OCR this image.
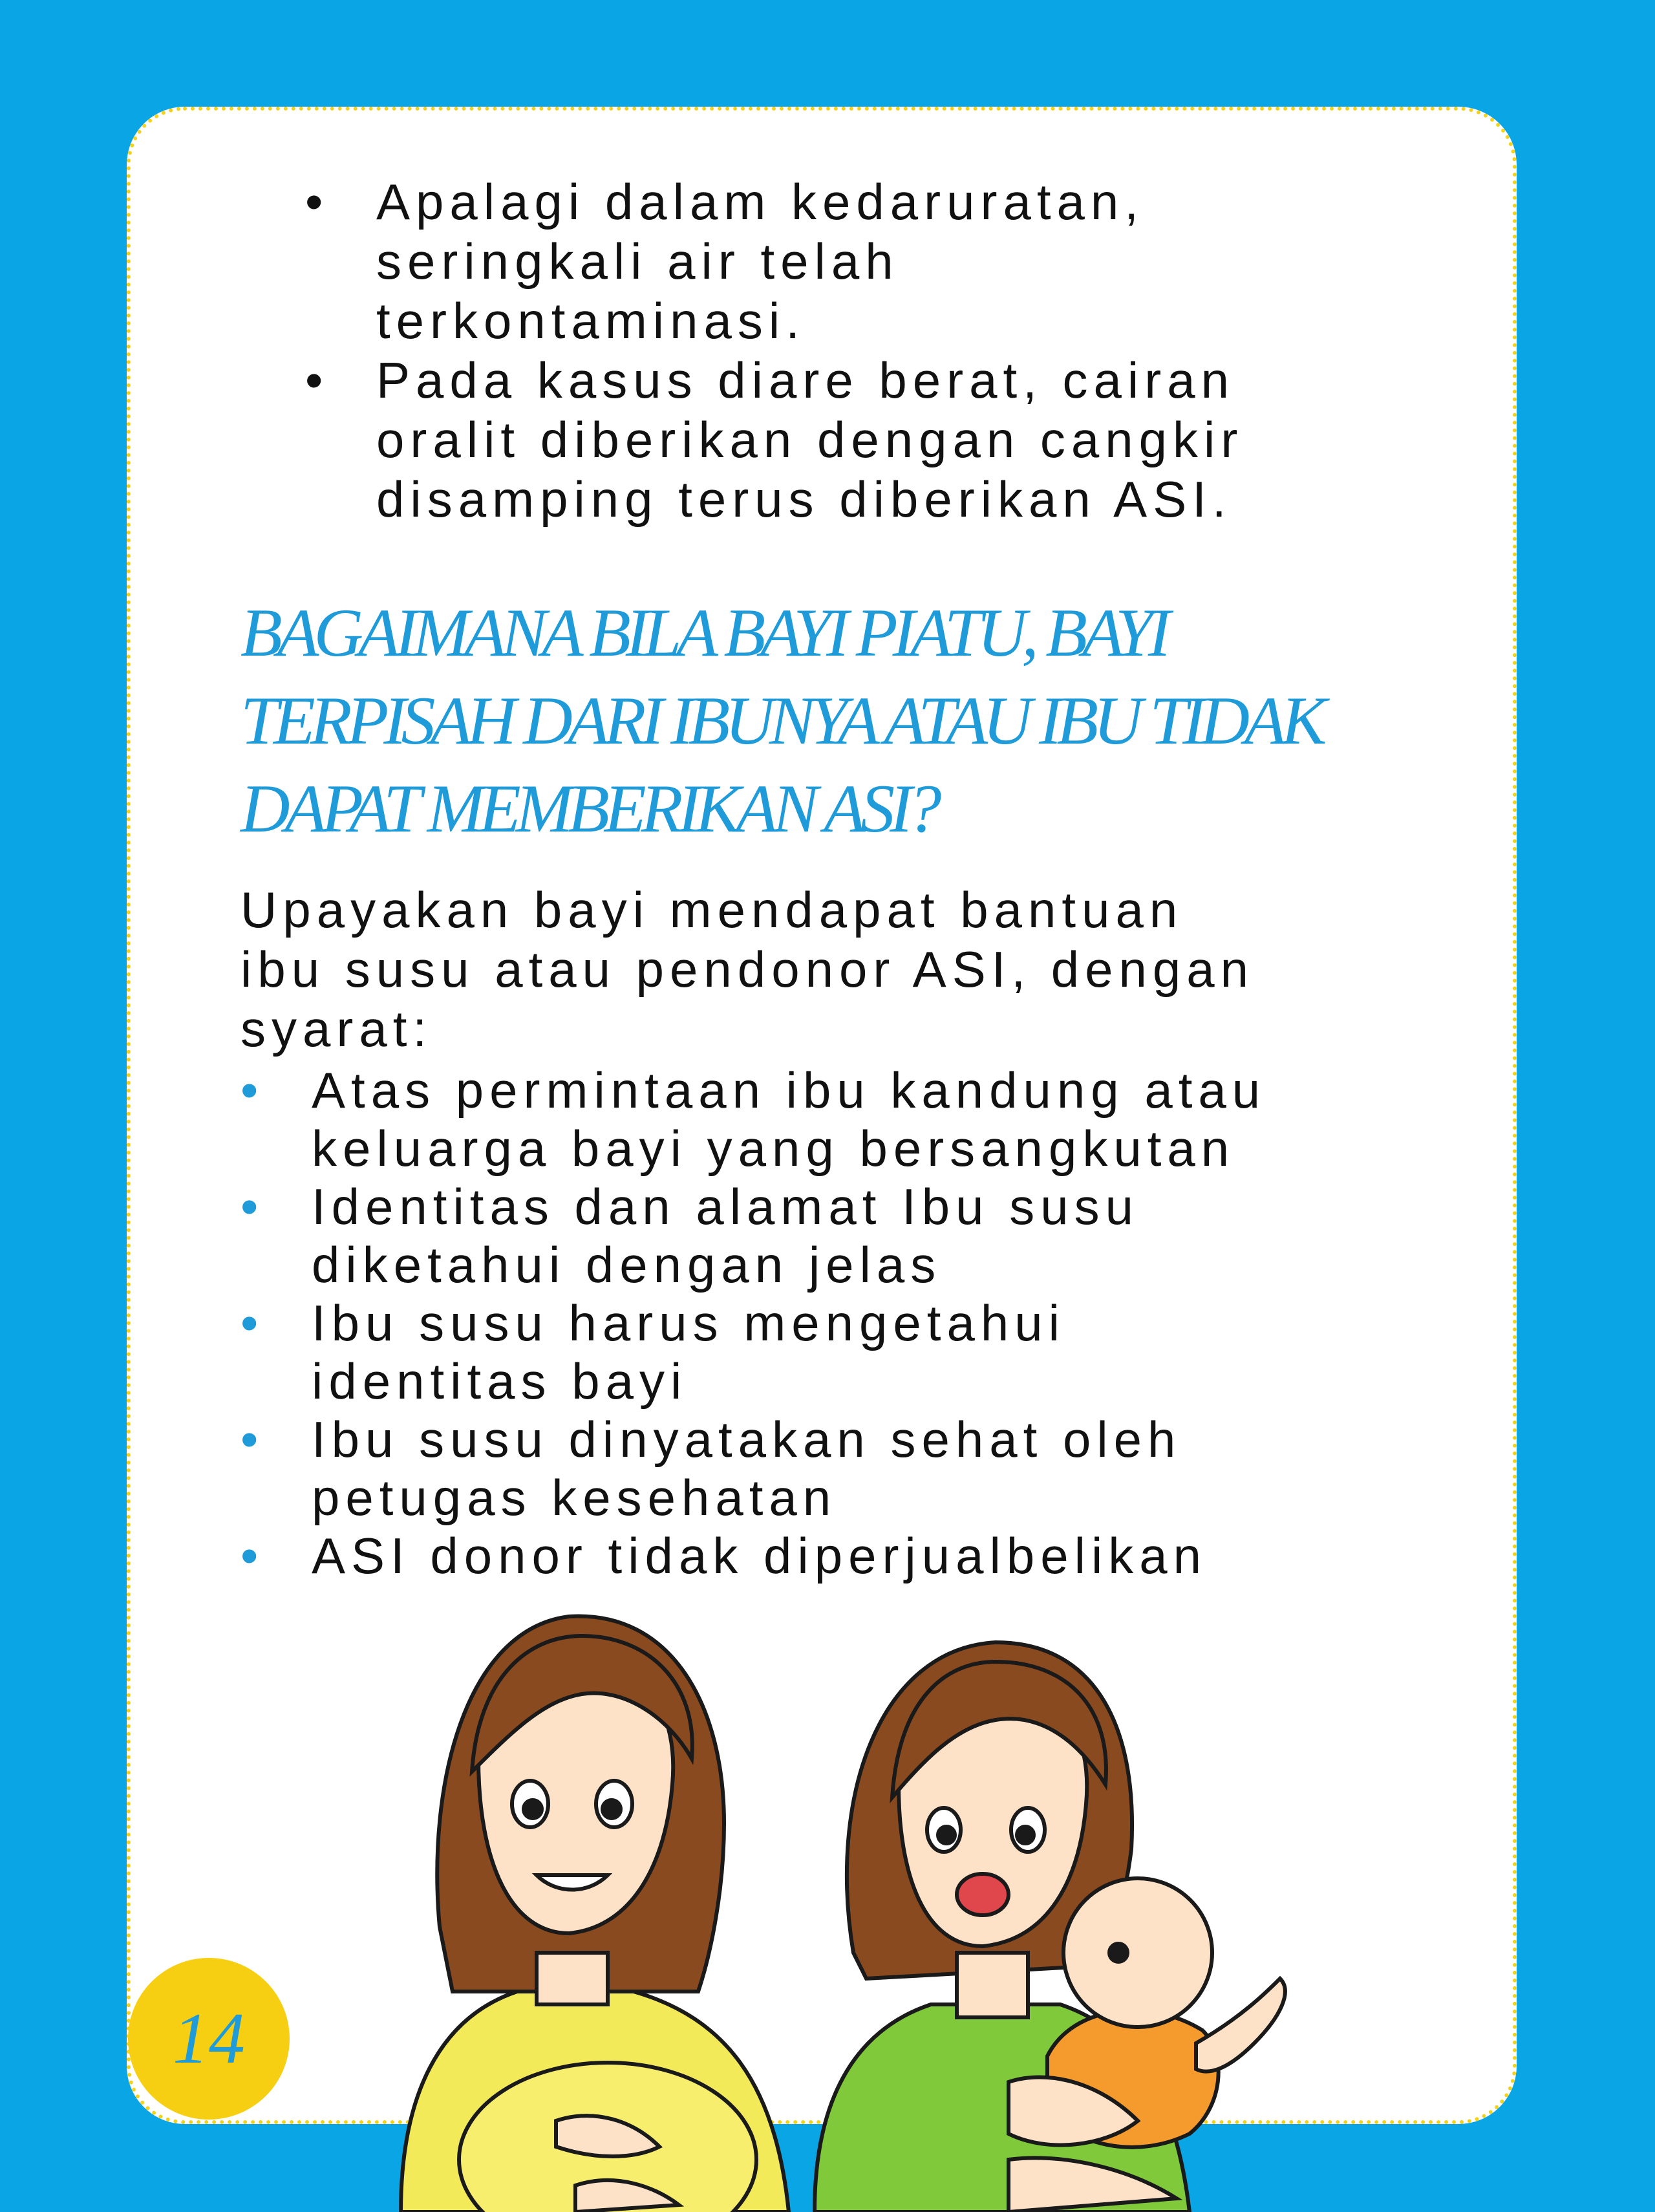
• Apalagi dalam kedaruratan,
seringkali air telah
terkontaminasi.
• Pada kasus diare berat, cairan
oralit diberikan dengan cangkir
disamping terus diberikan ASI.
BAGAIMANA BILA BAYI PIATU, BAYI
TERPISAH DARI IBUNYA ATAU IBU TIDAK
DAPAT MEMBERIKAN ASI?
Upayakan bayi mendapat bantuan
ibu susu atau pendonor ASI, dengan
syarat:
• Atas permintaan ibu kandung atau
keluarga bayi yang bersangkutan
• Identitas dan alamat Ibu susu
diketahui dengan jelas
• Ibu susu harus mengetahui
identitas bayi
• Ibu susu dinyatakan sehat oleh
petugas kesehatan
• ASI donor tidak diperjualbelikan
14
